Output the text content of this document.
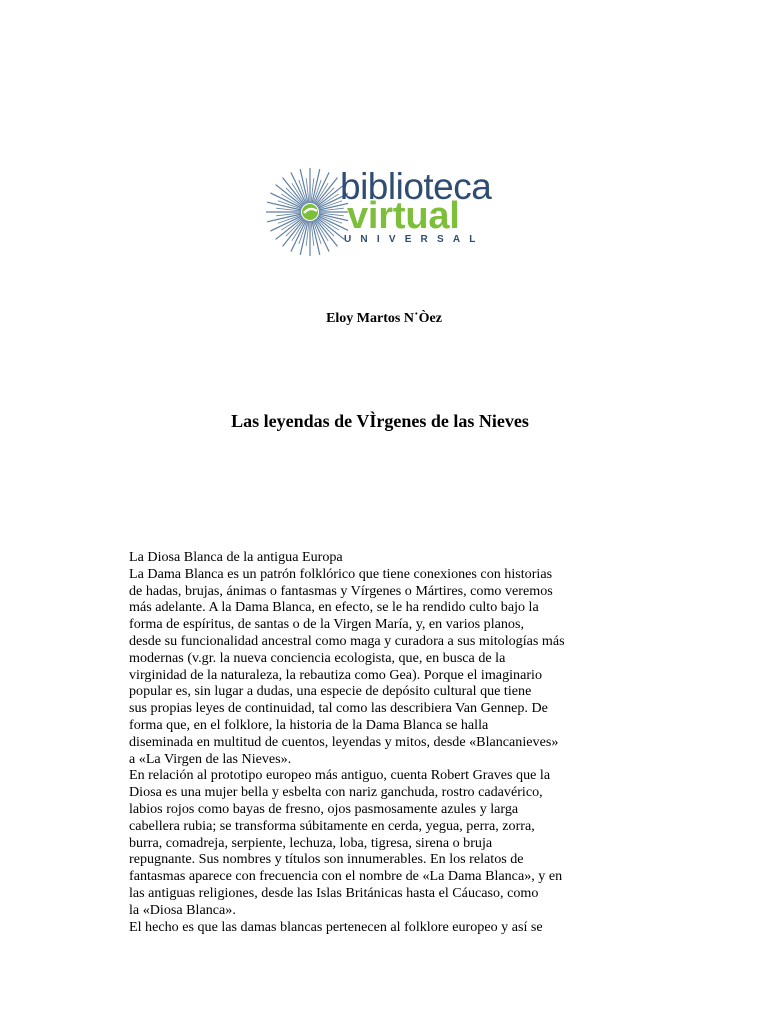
biblioteca
virtual
UNIVERSAL
Eloy Martos N˙Òez
Las leyendas de VÌrgenes de las Nieves
La Diosa Blanca de la antigua Europa
La Dama Blanca es un patrón folklórico que tiene conexiones con historias
de hadas, brujas, ánimas o fantasmas y Vírgenes o Mártires, como veremos
más adelante. A la Dama Blanca, en efecto, se le ha rendido culto bajo la
forma de espíritus, de santas o de la Virgen María, y, en varios planos,
desde su funcionalidad ancestral como maga y curadora a sus mitologías más
modernas (v.gr. la nueva conciencia ecologista, que, en busca de la
virginidad de la naturaleza, la rebautiza como Gea). Porque el imaginario
popular es, sin lugar a dudas, una especie de depósito cultural que tiene
sus propias leyes de continuidad, tal como las describiera Van Gennep. De
forma que, en el folklore, la historia de la Dama Blanca se halla
diseminada en multitud de cuentos, leyendas y mitos, desde «Blancanieves»
a «La Virgen de las Nieves».
En relación al prototipo europeo más antiguo, cuenta Robert Graves que la
Diosa es una mujer bella y esbelta con nariz ganchuda, rostro cadavérico,
labios rojos como bayas de fresno, ojos pasmosamente azules y larga
cabellera rubia; se transforma súbitamente en cerda, yegua, perra, zorra,
burra, comadreja, serpiente, lechuza, loba, tigresa, sirena o bruja
repugnante. Sus nombres y títulos son innumerables. En los relatos de
fantasmas aparece con frecuencia con el nombre de «La Dama Blanca», y en
las antiguas religiones, desde las Islas Británicas hasta el Cáucaso, como
la «Diosa Blanca».
El hecho es que las damas blancas pertenecen al folklore europeo y así se
